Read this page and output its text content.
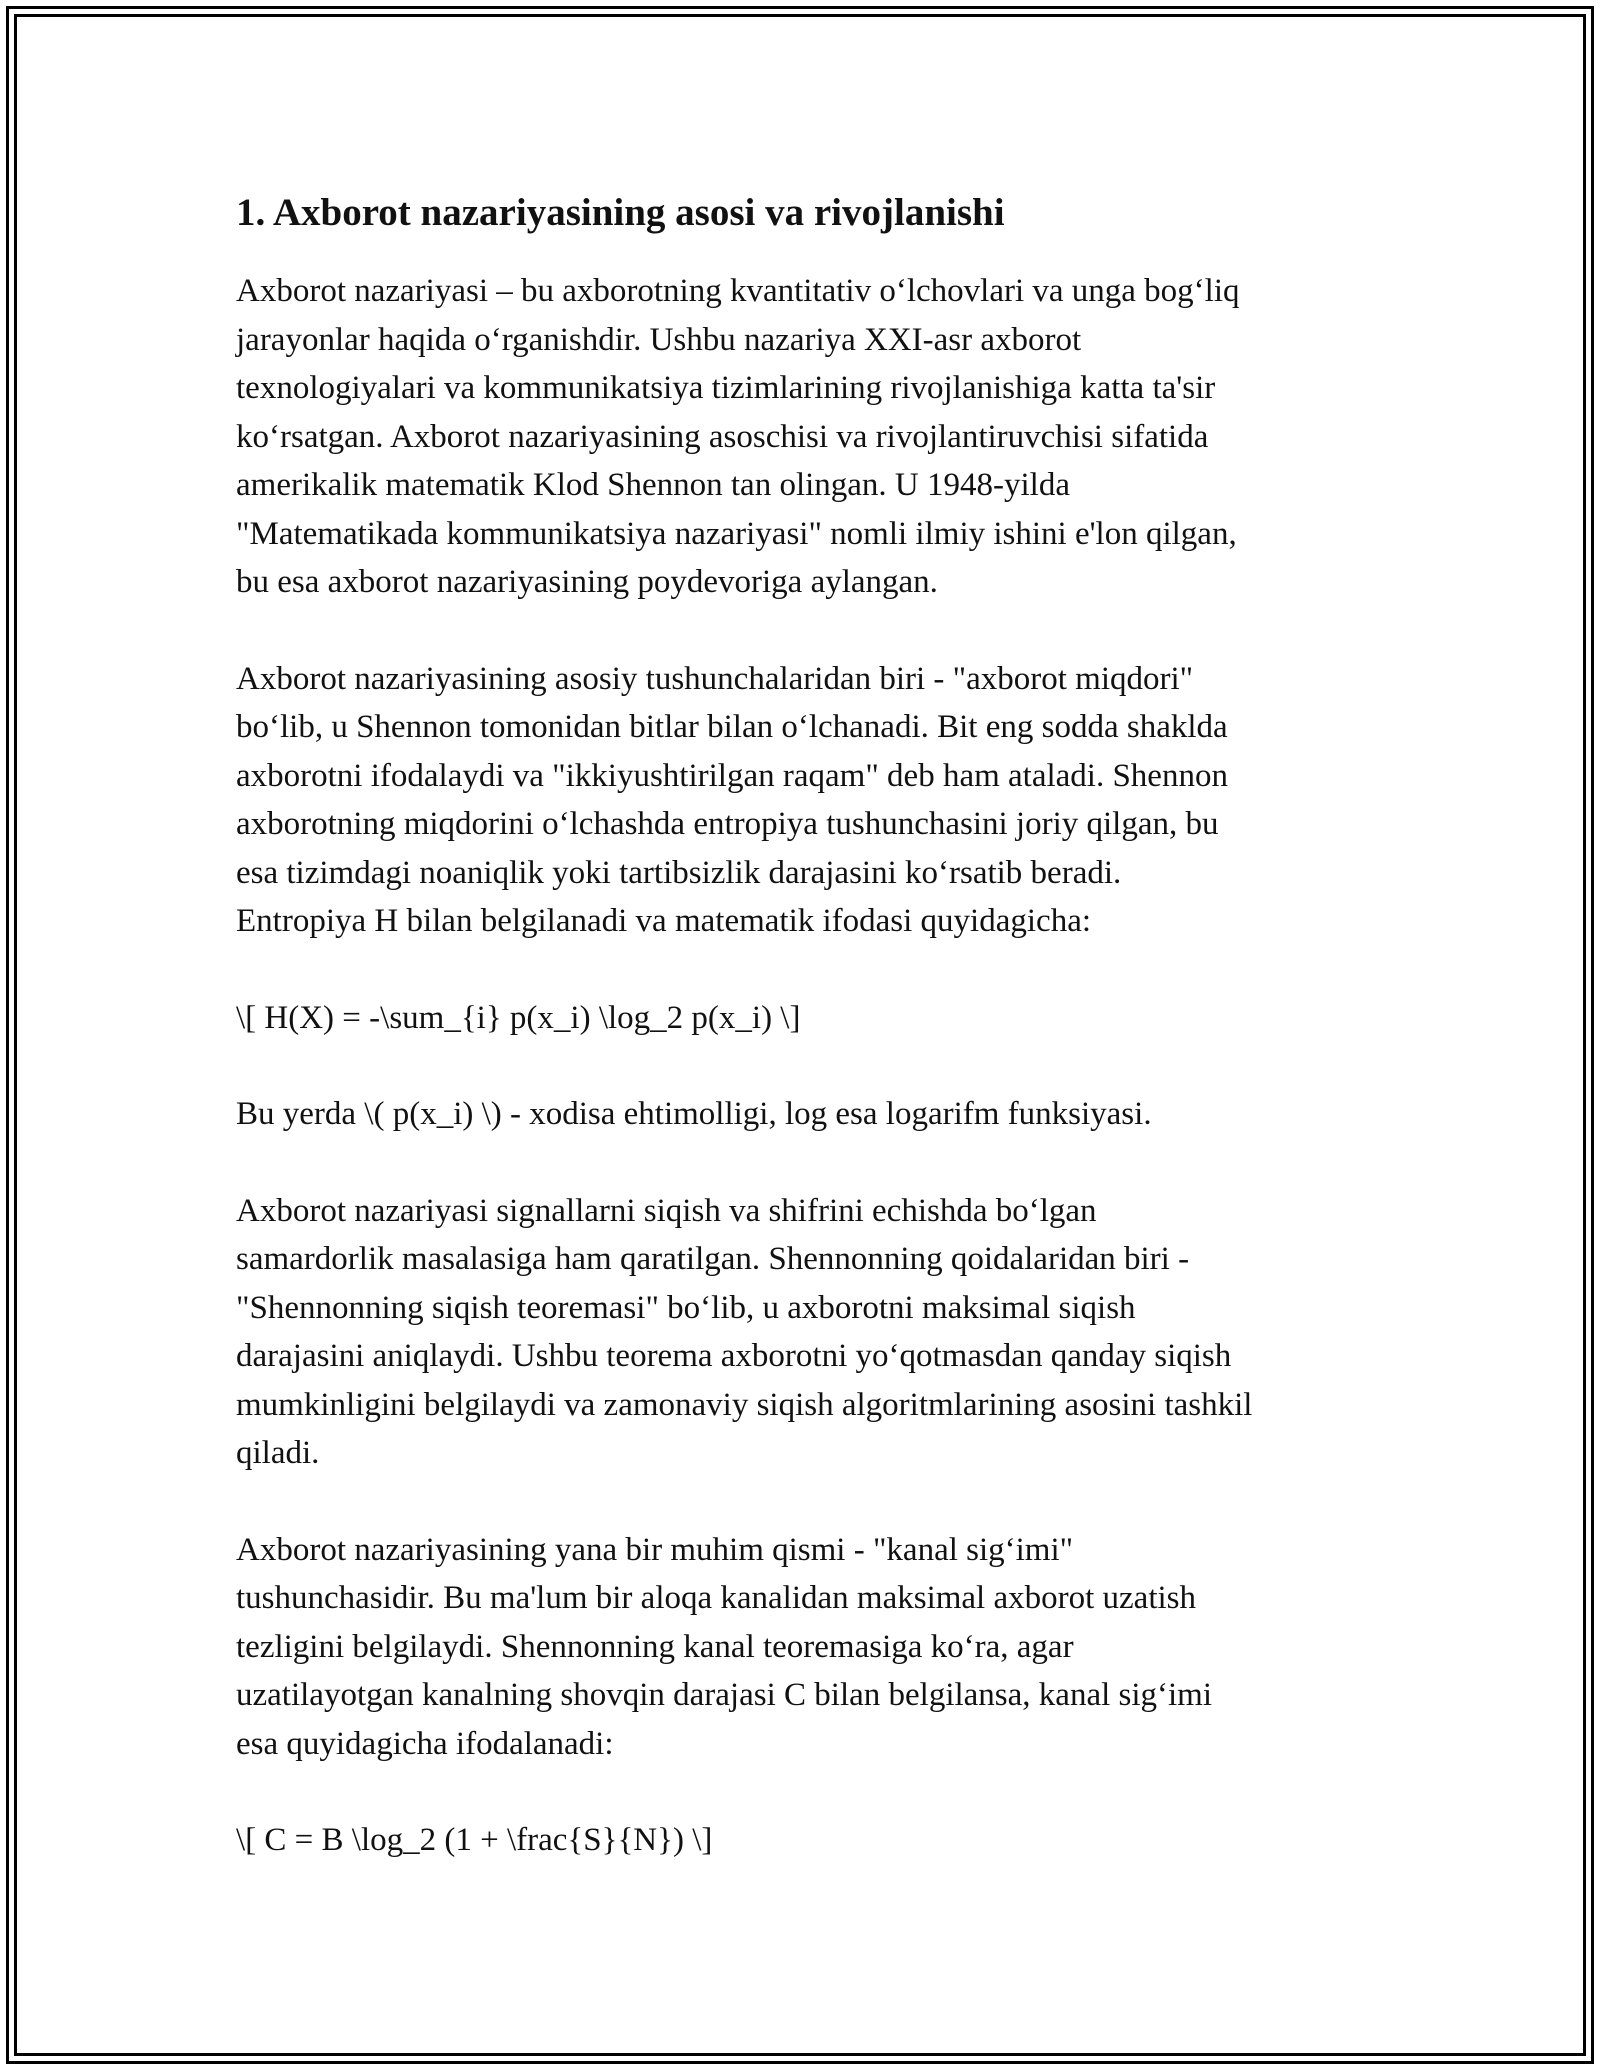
1. Axborot nazariyasining asosi va rivojlanishi

Axborot nazariyasi – bu axborotning kvantitativ o‘lchovlari va unga bog‘liq
jarayonlar haqida o‘rganishdir. Ushbu nazariya XXI-asr axborot
texnologiyalari va kommunikatsiya tizimlarining rivojlanishiga katta ta'sir
ko‘rsatgan. Axborot nazariyasining asoschisi va rivojlantiruvchisi sifatida
amerikalik matematik Klod Shennon tan olingan. U 1948-yilda
"Matematikada kommunikatsiya nazariyasi" nomli ilmiy ishini e'lon qilgan,
bu esa axborot nazariyasining poydevoriga aylangan.

Axborot nazariyasining asosiy tushunchalaridan biri - "axborot miqdori"
bo‘lib, u Shennon tomonidan bitlar bilan o‘lchanadi. Bit eng sodda shakldа
axborotni ifodalaydi va "ikkiyushtirilgan raqam" deb ham ataladi. Shennon
axborotning miqdorini o‘lchashda entropiya tushunchasini joriy qilgan, bu
esa tizimdagi noaniqlik yoki tartibsizlik darajasini ko‘rsatib beradi.
Entropiya H bilan belgilanadi va matematik ifodasi quyidagicha:

\[ H(X) = -\sum_{i} p(x_i) \log_2 p(x_i) \]

Bu yerda \( p(x_i) \) - xodisa ehtimolligi, log esa logarifm funksiyasi.

Axborot nazariyasi signallarni siqish va shifrini echishda bo‘lgan
samardorlik masalasiga ham qaratilgan. Shennonning qoidalaridan biri -
"Shennonning siqish teoremasi" bo‘lib, u axborotni maksimal siqish
darajasini aniqlaydi. Ushbu teorema axborotni yo‘qotmasdan qanday siqish
mumkinligini belgilaydi va zamonaviy siqish algoritmlarining asosini tashkil
qiladi.

Axborot nazariyasining yana bir muhim qismi - "kanal sig‘imi"
tushunchasidir. Bu ma'lum bir aloqa kanalidan maksimal axborot uzatish
tezligini belgilaydi. Shennonning kanal teoremasiga ko‘ra, agar
uzatilayotgan kanalning shovqin darajasi C bilan belgilansa, kanal sig‘imi
esa quyidagicha ifodalanadi:

\[ C = B \log_2 (1 + \frac{S}{N}) \]
